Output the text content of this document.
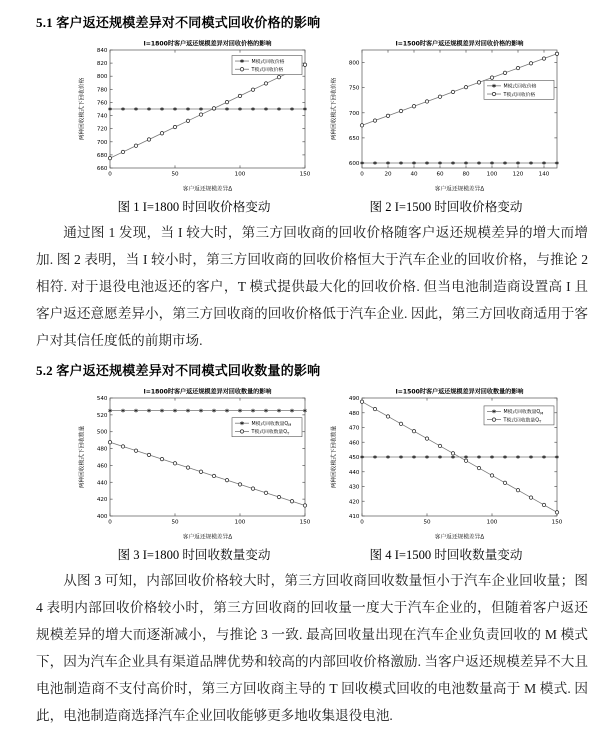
5.1 客户返还规模差异对不同模式回收价格的影响
I=1800时客户返还规模差异对回收价格的影响
0	50	100	150
660
680
700
720
740
760
780
800
820
840
客户返还规模差异Δ
两种回收模式下回收价格
M模式回收价格
T模式回收价格
I=1500时客户返还规模差异对回收价格的影响
0	20	40	60	80	100	120	140
600
650
700
750
800
客户返还规模差异Δ
两种回收模式下回收价格	M模式回收价格
T模式回收价格
图 1 I=1800 时回收价格变动	图 2 I=1500 时回收价格变动

通过图 1 发现，当 I 较大时，第三方回收商的回收价格随客户返还规模差异的增大而增加. 图 2 表明，当 I 较小时，第三方回收商的回收价格恒大于汽车企业的回收价格，与推论 2 相符. 对于退役电池返还的客户，T 模式提供最大化的回收价格. 但当电池制造商设置高 I 且客户返还意愿差异小，第三方回收商的回收价格低于汽车企业. 因此，第三方回收商适用于客户对其信任度低的前期市场.

5.2 客户返还规模差异对不同模式回收数量的影响
I=1800时客户返还规模差异对回收数量的影响
0	50	100	150
400
420
440
460
480
500
520
540
客户返还规模差异Δ
两种回收模式下回收数量
M模式回收数量$Q_M$
T模式回收数量$Q_T$
I=1500时客户返还规模差异对回收数量的影响
0	50	100	150
410
420
430
440
450
460
470
480
490
客户返还规模差异Δ
两种回收模式下回收数量
M模式回收数量$Q_M$
T模式回收数量$Q_T$
图 3 I=1800 时回收数量变动	图 4 I=1500 时回收数量变动

从图 3 可知，内部回收价格较大时，第三方回收商回收数量恒小于汽车企业回收量；图 4 表明内部回收价格较小时，第三方回收商的回收量一度大于汽车企业的，但随着客户返还规模差异的增大而逐渐减小，与推论 3 一致. 最高回收量出现在汽车企业负责回收的 M 模式下，因为汽车企业具有渠道品牌优势和较高的内部回收价格激励. 当客户返还规模差异不大且电池制造商不支付高价时，第三方回收商主导的 T 回收模式回收的电池数量高于 M 模式. 因此，电池制造商选择汽车企业回收能够更多地收集退役电池.
